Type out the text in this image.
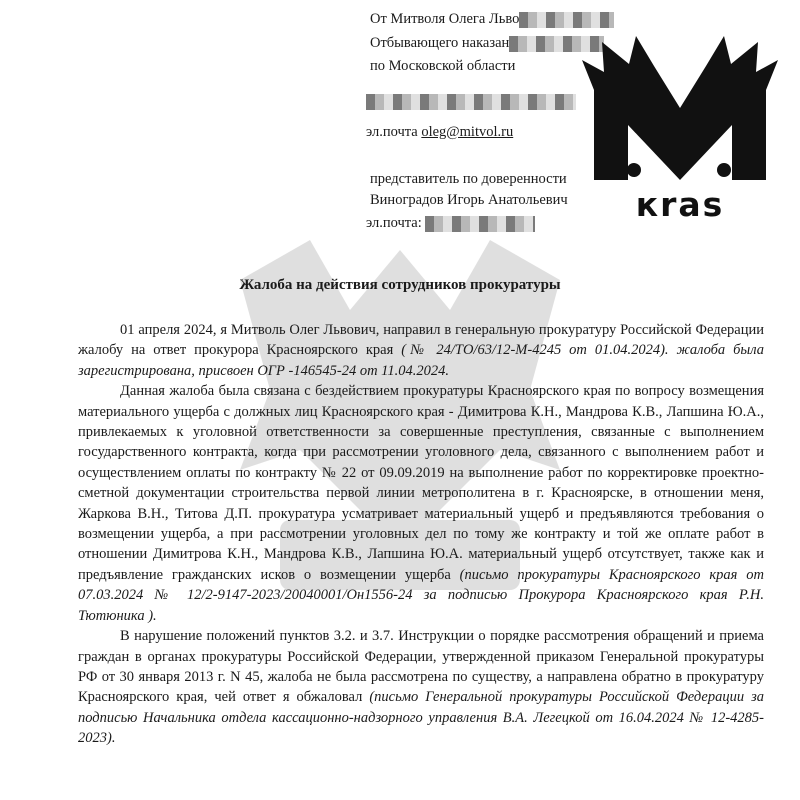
От Митволя Олега Льво
Отбывающего наказан
по Московской области
эл.почта oleg@mitvol.ru
представитель по доверенности
Виноградов Игорь Анатольевич
эл.почта:	кras
Жалоба на действия сотрудников прокуратуры

01 апреля 2024, я Митволь Олег Львович, направил в генеральную прокуратуру Российской Федерации жалобу на ответ прокурора Красноярского края (№ 24/ТО/63/12-М-4245 от 01.04.2024). жалоба была зарегистрирована, присвоен ОГР -146545-24 от 11.04.2024.

Данная жалоба была связана с бездействием прокуратуры Красноярского края по вопросу возмещения материального ущерба с должных лиц Красноярского края - Димитрова К.Н., Мандрова К.В., Лапшина Ю.А., привлекаемых к уголовной ответственности за совершенные преступления, связанные с выполнением государственного контракта, когда при рассмотрении уголовного дела, связанного с выполнением работ и осуществлением оплаты по контракту № 22 от 09.09.2019 на выполнение работ по корректировке проектно-сметной документации строительства первой линии метрополитена в г. Красноярске, в отношении меня, Жаркова В.Н., Титова Д.П. прокуратура усматривает материальный ущерб и предъявляются требования о возмещении ущерба, а при рассмотрении уголовных дел по тому же контракту и той же оплате работ в отношении Димитрова К.Н., Мандрова К.В., Лапшина Ю.А. материальный ущерб отсутствует, также как и предъявление гражданских исков о возмещении ущерба (письмо прокуратуры Красноярского края от 07.03.2024 № 12/2-9147-2023/20040001/Он1556-24 за подписью Прокурора Красноярского края Р.Н. Тютюника ).

В нарушение положений пунктов 3.2. и 3.7. Инструкции о порядке рассмотрения обращений и приема граждан в органах прокуратуры Российской Федерации, утвержденной приказом Генеральной прокуратуры РФ от 30 января 2013 г. N 45, жалоба не была рассмотрена по существу, а направлена обратно в прокуратуру Красноярского края, чей ответ я обжаловал (письмо Генеральной прокуратуры Российской Федерации за подписью Начальника отдела кассационно-надзорного управления В.А. Легецкой от 16.04.2024 № 12-4285-2023).
